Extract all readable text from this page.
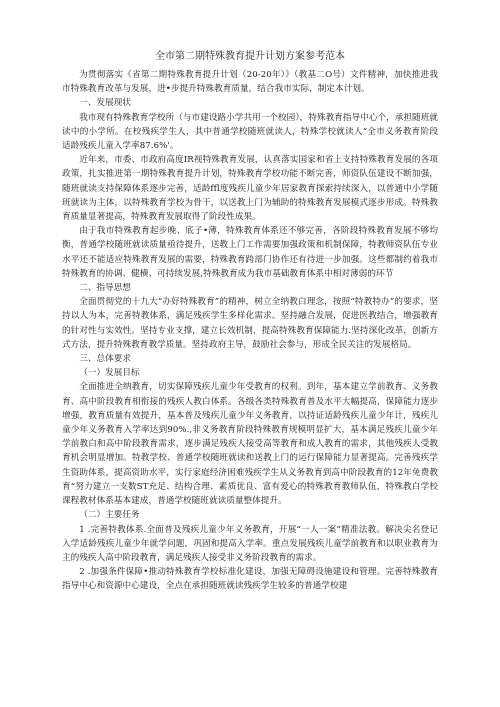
全市第二期特殊教育提升计划方案参考范本

为贯彻落实《省第二期特殊教育提升计划（20-20年）》（教基二O号）文件精神，加快推进我市特殊教育改革与发展，进•步提升特殊教育质量，结合我市实际，制定本计划。

一、发展现状

我市现有特殊教育学校所（与市建设路小学共用一个校园），特殊教育指导中心个，承担随班就读中的小学所。在校残疾学生人，其中普通学校随班就读人，特殊学校就读人“全市义务教育阶段适龄残疾儿童入学率87.6%'。

近年来，市委、市政府高度IR视特殊教育发展，认真落实国家和省上支持特殊教育发展的各项政策，扎实推进第一期特殊教育提升计划，特殊教育学校功能不断完善，师资队伍建设不断加强，随班就读支持保障体系逐步完善，适龄ffl度残疾儿童少年居家教育探索持续深入，以普通中小学随班就读为主体，以特殊教育学校为骨干，以送教上门为辅助的特殊教育发展模式逐步形成。特殊教育质量显著提高，特殊教育发展取得了阶段性成果。

由于我市特殊教育起步晚、底子•薄，特殊教育体系还不够完善，各阶段特殊教育发展不够均衡，普通学校随班就读质量亟待提升，送教上门工作需要加强政策和机制保障，特教师资队伍专业水平还不能适应特殊教育发展的需要，特殊教育跨部门协作还有待进一步加强。这些都制约着我市特殊教育的协调、健横、可持续发展,特殊教育成为我市基础教育体系中相对薄弱的环节

二、指导思想

全面贯彻党的十九大“办好特殊教育”的精神，树立全纳教白理念，按照“特教特办”的要求，坚持以人为本，完善特教体系，满足残疾学生多样化需求。坚持融合发展，促进医教结合，增强教育的针对性与实效性。坚持专业支撑，建立长效机制，提高特殊教育保障能力.坚持深化改革，创新方式方法，提升特殊教育教学质量。坚持政府主导，鼓励社会参与，形成全民关注的发展格局。

三、总体要求

（一）发展目标

全面推进全纳教育，切实保障残疾儿童少年受教育的权利。到年，基本建立学前教育、义务教育、高中阶段教育相衔接的残疾人教白体系。各级各类特殊教育普及水平大幅提高，保障能力逐步增强，教育质量有效提升，基本普及残疾儿童少年义务教育，以持证适龄残疾儿童少年计，残疾儿童少年义务教育入学率达到90%.,非义务教育阶段特殊教育规模明显扩大，基本满足残疾儿童少年学前教白和高中阶段教育需求，逐步满足残疾人接受高等教育和成人教育的需求，其他残疾人受教育机会明显增加。特教学校、普通学校随班就读和送教上门的运行保障能力显著提高。完善残疾学生资助体系，提高资助水平，实行家庭经济困难残疾学生从义务教育到高中阶段教育的12年免费教育“努力建立一支数ST充足、结构合理、素质优良、富有爱心的特殊教育教师队伍，特殊教白学校课程教材体系基本建成，普通学校随班就读质量整体提升。

（二）主要任务

1 .完善特教体系.全面普及残疾儿童少年义务教育，开展“一人一案”精准法教。解决尖名登记入学适龄残疾儿童少年就学问题，巩固和提高入学率。重点发展残疾儿童学前教育和以职业教育为主的残疾人高中阶段教育，满足残疾人接受非义务阶段教育的需求。

2 .加强条件保障•推动特殊教育学校标准化建设，加强无障碍设施建设和管理。完善特殊教育指导中心和资源中心建设，全点在承担随班就读残疾学生较多的普通学校建
